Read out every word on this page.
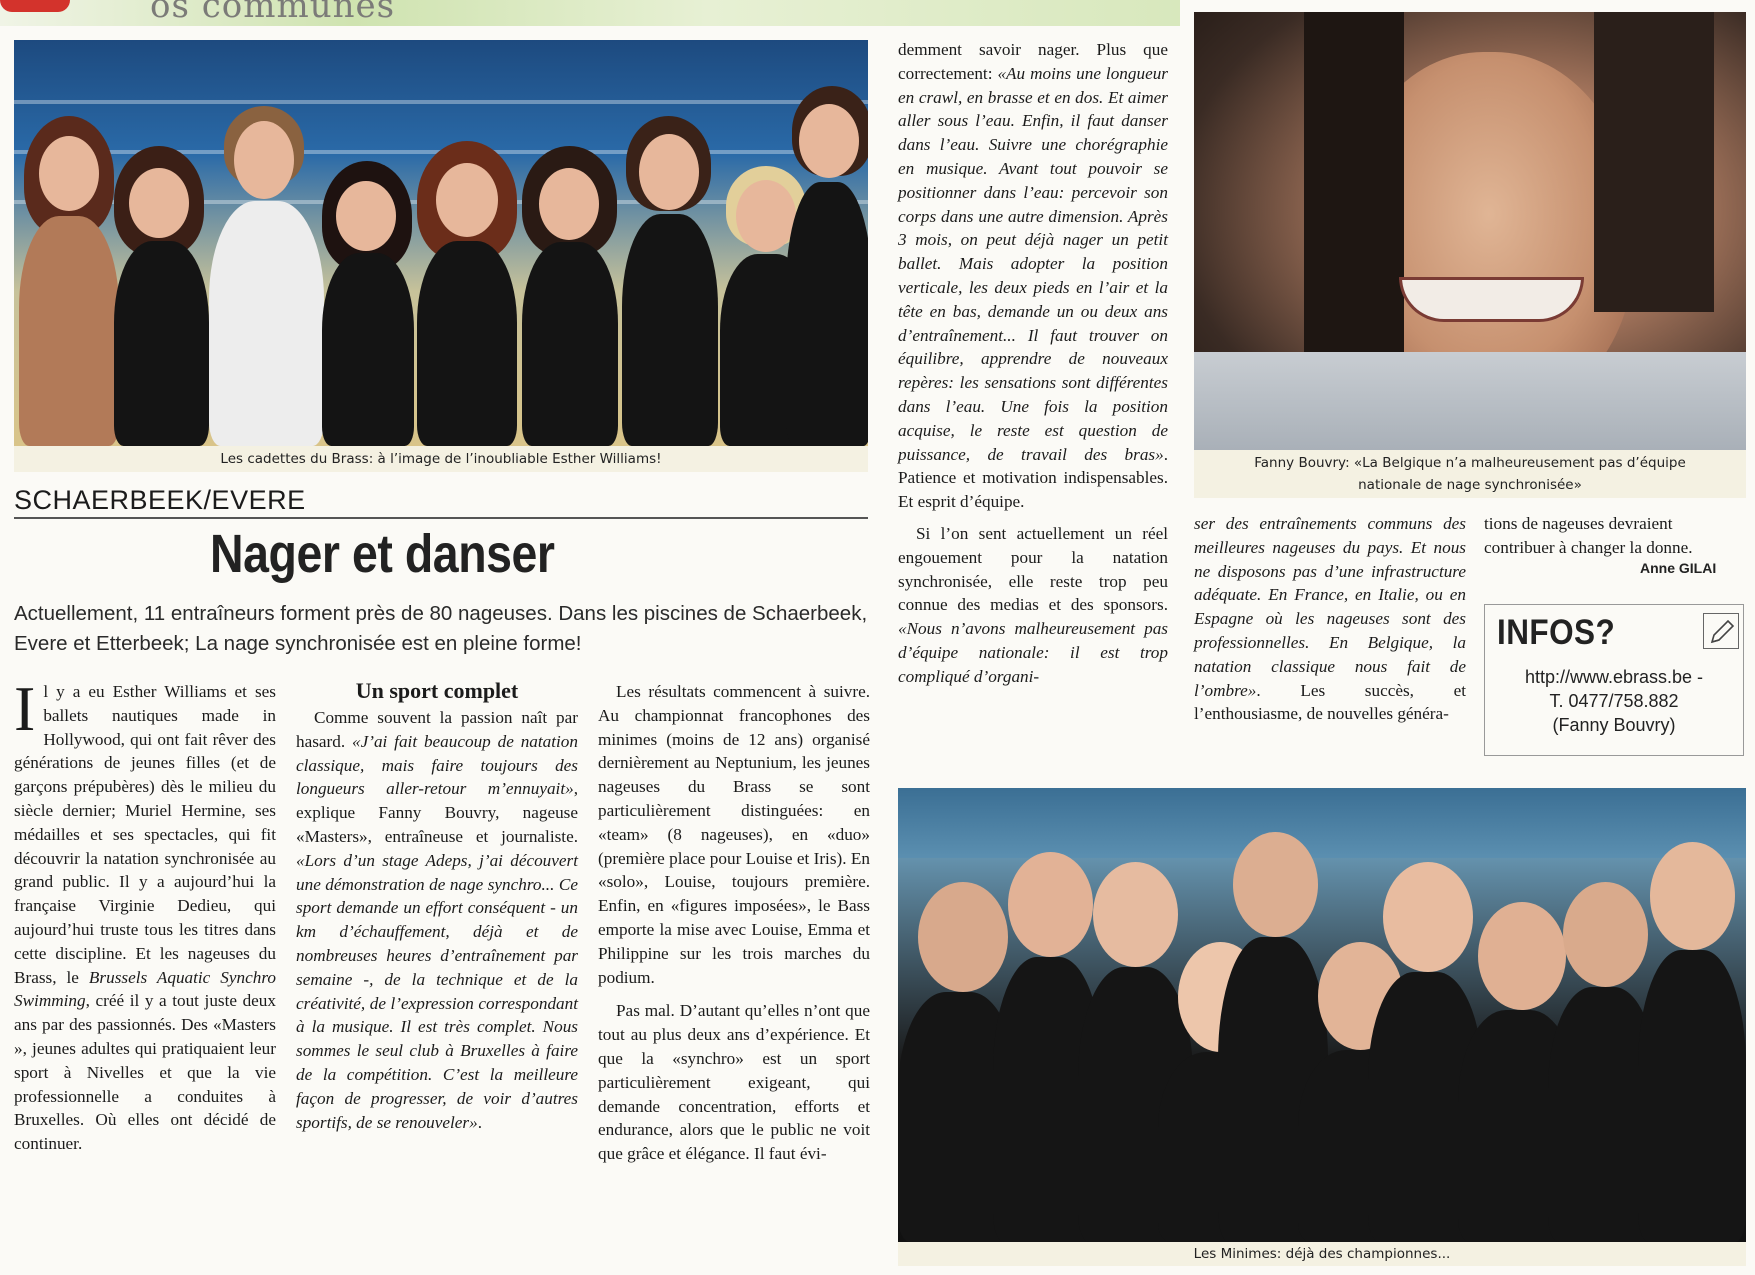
os communes
Les cadettes du Brass: à l’image de l’inoubliable Esther Williams!	Fanny Bouvry: «La Belgique n’a malheureusement pas d’équipe
nationale de nage synchronisée»
SCHAERBEEK/EVERE
Nager et danser
Actuellement, 11 entraîneurs forment près de 80 nageuses. Dans les piscines de Schaerbeek, Evere et Etterbeek; La nage synchronisée est en pleine forme!
I l y a eu Esther Williams et ses ballets nautiques made in Hollywood, qui ont fait rêver des générations de jeunes filles (et de garçons prépubères) dès le milieu du siècle dernier; Muriel Hermine, ses médailles et ses spectacles, qui fit découvrir la natation synchronisée au grand public. Il y a aujourd’hui la française Virginie Dedieu, qui aujourd’hui truste tous les titres dans cette discipline. Et les nageuses du Brass, le Brussels Aquatic Synchro Swimming, créé il y a tout juste deux ans par des passionnés. Des «Masters », jeunes adultes qui pratiquaient leur sport à Nivelles et que la vie professionnelle a conduites à Bruxelles. Où elles ont décidé de continuer.
Un sport complet

Comme souvent la passion naît par hasard. «J’ai fait beaucoup de natation classique, mais faire toujours des longueurs aller-retour m’ennuyait», explique Fanny Bouvry, nageuse «Masters», entraîneuse et journaliste. «Lors d’un stage Adeps, j’ai découvert une démonstration de nage synchro... Ce sport demande un effort conséquent - un km d’échauffement, déjà et de nombreuses heures d’entraînement par semaine -, de la technique et de la créativité, de l’expression correspondant à la musique. Il est très complet. Nous sommes le seul club à Bruxelles à faire de la compétition. C’est la meilleure façon de progresser, de voir d’autres sportifs, de se renouveler».

Les résultats commencent à suivre. Au championnat francophones des minimes (moins de 12 ans) organisé dernièrement au Neptunium, les jeunes nageuses du Brass se sont particulièrement distinguées: en «team» (8 nageuses), en «duo» (première place pour Louise et Iris). En «solo», Louise, toujours première. Enfin, en «figures imposées», le Bass emporte la mise avec Louise, Emma et Philippine sur les trois marches du podium.

Pas mal. D’autant qu’elles n’ont que tout au plus deux ans d’expérience. Et que la «synchro» est un sport particulièrement exigeant, qui demande concentration, efforts et endurance, alors que le public ne voit que grâce et élégance. Il faut évi-

demment savoir nager. Plus que correctement: «Au moins une longueur en crawl, en brasse et en dos. Et aimer aller sous l’eau. Enfin, il faut danser dans l’eau. Suivre une chorégraphie en musique. Avant tout pouvoir se positionner dans l’eau: percevoir son corps dans une autre dimension. Après 3 mois, on peut déjà nager un petit ballet. Mais adopter la position verticale, les deux pieds en l’air et la tête en bas, demande un ou deux ans d’entraînement... Il faut trouver on équilibre, apprendre de nouveaux repères: les sensations sont différentes dans l’eau. Une fois la position acquise, le reste est question de puissance, de travail des bras». Patience et motivation indispensables. Et esprit d’équipe.

Si l’on sent actuellement un réel engouement pour la natation synchronisée, elle reste trop peu connue des medias et des sponsors. «Nous n’avons malheureusement pas d’équipe nationale: il est trop compliqué d’organi-

ser des entraînements communs des meilleures nageuses du pays. Et nous ne disposons pas d’une infrastructure adéquate. En France, en Italie, ou en Espagne où les nageuses sont des professionnelles. En Belgique, la natation classique nous fait de l’ombre». Les succès, et l’enthousiasme, de nouvelles généra-

tions de nageuses devraient contribuer à changer la donne.

Anne GILAI
INFOS?
http://www.ebrass.be -
T. 0477/758.882
(Fanny Bouvry)
Les Minimes: déjà des championnes...
